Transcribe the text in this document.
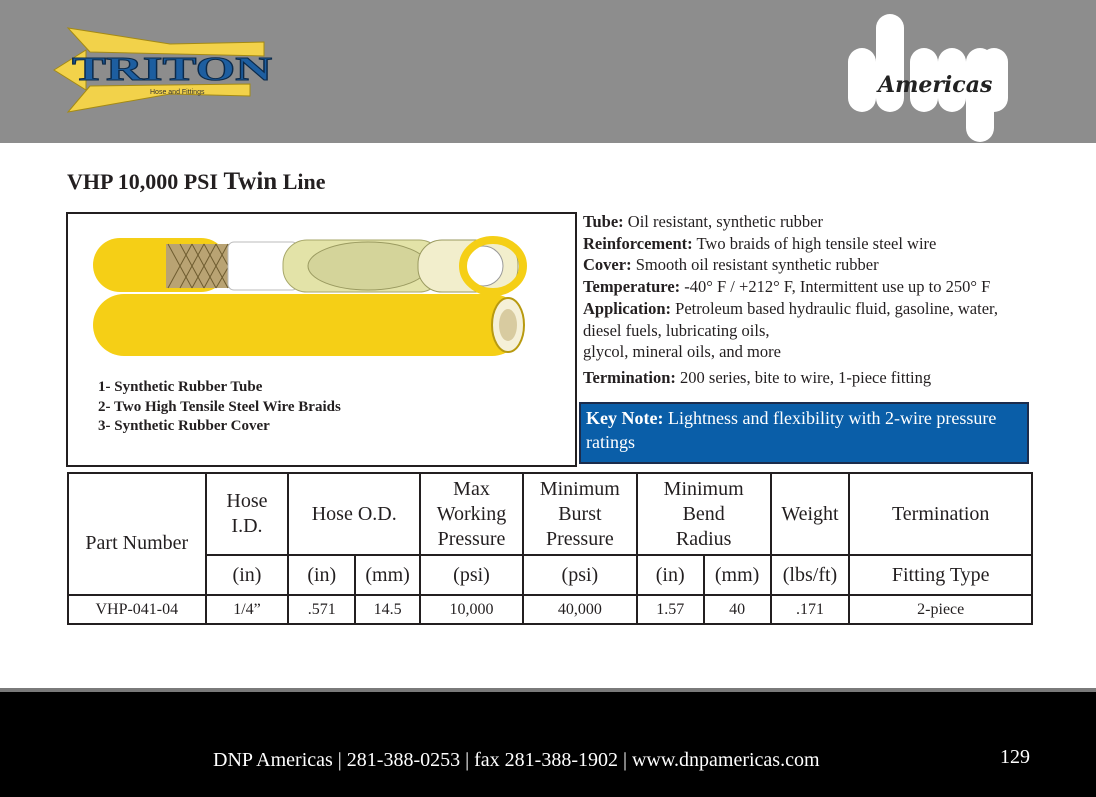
TRITON
Hose and Fittings	Americas
VHP 10,000 PSI Twin Line
1- Synthetic Rubber Tube
2- Two High Tensile Steel Wire Braids
3- Synthetic Rubber Cover
Tube: Oil resistant, synthetic rubber
Reinforcement: Two braids of high tensile steel wire
Cover: Smooth oil resistant synthetic rubber
Temperature: -40° F / +212° F, Intermittent use up to 250° F
Application: Petroleum based hydraulic fluid, gasoline, water, diesel fuels, lubricating oils,
glycol, mineral oils, and more
Termination: 200 series, bite to wire, 1-piece fitting
Key Note: Lightness and flexibility with 2-wire pressure ratings
Part Number	Hose I.D.	Hose O.D.		Max Working Pressure	Minimum Burst Pressure	Minimum Bend Radius		Weight	Termination
	(in)	(in)	(mm)	(psi)	(psi)	(in)	(mm)	(lbs/ft)	Fitting Type
VHP-041-04	1/4”	.571	14.5	10,000	40,000	1.57	40	.171	2-piece
DNP Americas | 281-388-0253 | fax 281-388-1902 | www.dnpamericas.com	129
